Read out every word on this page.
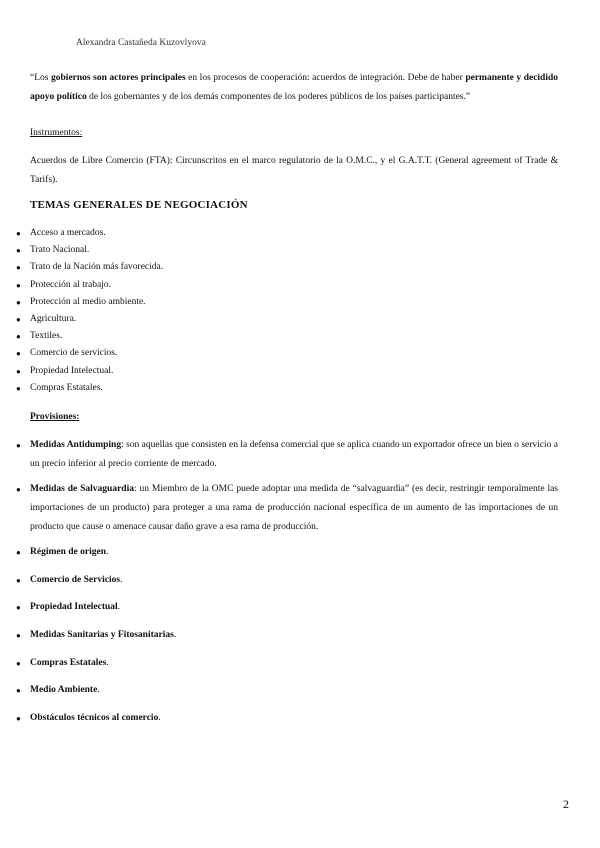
Alexandra Castañeda Kuzovlyova
“Los gobiernos son actores principales en los procesos de cooperación: acuerdos de integración. Debe de haber permanente y decidido apoyo político de los gobernantes y de los demás componentes de los poderes públicos de los países participantes.”
Instrumentos:
Acuerdos de Libre Comercio (FTA): Circunscritos en el marco regulatorio de la O.M.C., y el G.A.T.T. (General agreement of Trade & Tarifs).
TEMAS GENERALES DE NEGOCIACIÓN
● Acceso a mercados.
● Trato Nacional.
● Trato de la Nación más favorecida.
● Protección al trabajo.
● Protección al medio ambiente.
● Agricultura.
● Textiles.
● Comercio de servicios.
● Propiedad Intelectual.
● Compras Estatales.
Provisiones:
● Medidas Antidumping: son aquellas que consisten en la defensa comercial que se aplica cuando un exportador ofrece un bien o servicio a un precio inferior al precio corriente de mercado.
● Medidas de Salvaguardia: un Miembro de la OMC puede adoptar una medida de “salvaguardia” (es decir, restringir temporalmente las importaciones de un producto) para proteger a una rama de producción nacional específica de un aumento de las importaciones de un producto que cause o amenace causar daño grave a esa rama de producción.
● Régimen de origen.
● Comercio de Servicios.
● Propiedad Intelectual.
● Medidas Sanitarias y Fitosanitarias.
● Compras Estatales.
● Medio Ambiente.
● Obstáculos técnicos al comercio.
2
